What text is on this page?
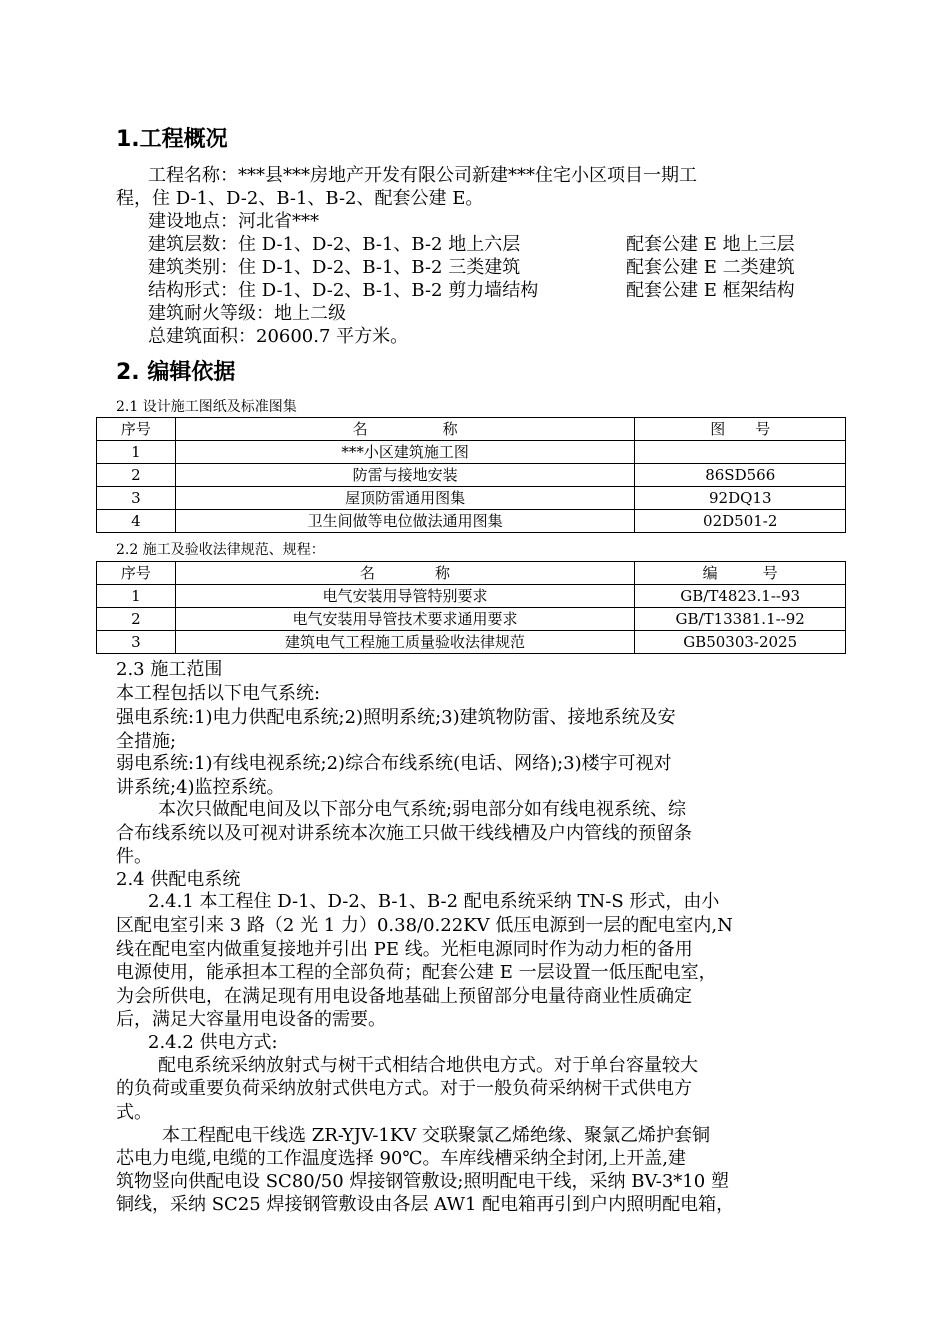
1.工程概况
工程名称：***县***房地产开发有限公司新建***住宅小区项目一期工
程，住 D-1、D-2、B-1、B-2、配套公建 E。
建设地点：河北省***
建筑层数：住 D-1、D-2、B-1、B-2 地上六层	配套公建 E 地上三层
建筑类别：住 D-1、D-2、B-1、B-2 三类建筑	配套公建 E 二类建筑
结构形式：住 D-1、D-2、B-1、B-2 剪力墙结构	配套公建 E 框架结构
建筑耐火等级：地上二级
总建筑面积：20600.7 平方米。
2. 编辑依据
2.1 设计施工图纸及标准图集
序号	名　　　　　称	图　　号
1	***小区建筑施工图	
2	防雷与接地安装	86SD566
3	屋顶防雷通用图集	92DQ13
4	卫生间做等电位做法通用图集	02D501-2
2.2 施工及验收法律规范、规程：
序号	名　　　　称	编　　　号
1	电气安装用导管特别要求	GB/T4823.1--93
2	电气安装用导管技术要求通用要求	GB/T13381.1--92
3	建筑电气工程施工质量验收法律规范	GB50303-2025
2.3 施工范围
本工程包括以下电气系统:
强电系统:1)电力供配电系统;2)照明系统;3)建筑物防雷、接地系统及安
全措施;
弱电系统:1)有线电视系统;2)综合布线系统(电话、网络);3)楼宇可视对
讲系统;4)监控系统。
本次只做配电间及以下部分电气系统;弱电部分如有线电视系统、综
合布线系统以及可视对讲系统本次施工只做干线线槽及户内管线的预留条
件。
2.4 供配电系统
2.4.1 本工程住 D-1、D-2、B-1、B-2 配电系统采纳 TN-S 形式，由小
区配电室引来 3 路（2 光 1 力）0.38/0.22KV 低压电源到一层的配电室内,N
线在配电室内做重复接地并引出 PE 线。光柜电源同时作为动力柜的备用
电源使用，能承担本工程的全部负荷；配套公建 E 一层设置一低压配电室，
为会所供电，在满足现有用电设备地基础上预留部分电量待商业性质确定
后，满足大容量用电设备的需要。
2.4.2 供电方式:
配电系统采纳放射式与树干式相结合地供电方式。对于单台容量较大
的负荷或重要负荷采纳放射式供电方式。对于一般负荷采纳树干式供电方
式。
本工程配电干线选 ZR-YJV-1KV 交联聚氯乙烯绝缘、聚氯乙烯护套铜
芯电力电缆,电缆的工作温度选择 90℃。车库线槽采纳全封闭,上开盖,建
筑物竖向供配电设 SC80/50 焊接钢管敷设;照明配电干线，采纳 BV-3*10 塑
铜线，采纳 SC25 焊接钢管敷设由各层 AW1 配电箱再引到户内照明配电箱，
